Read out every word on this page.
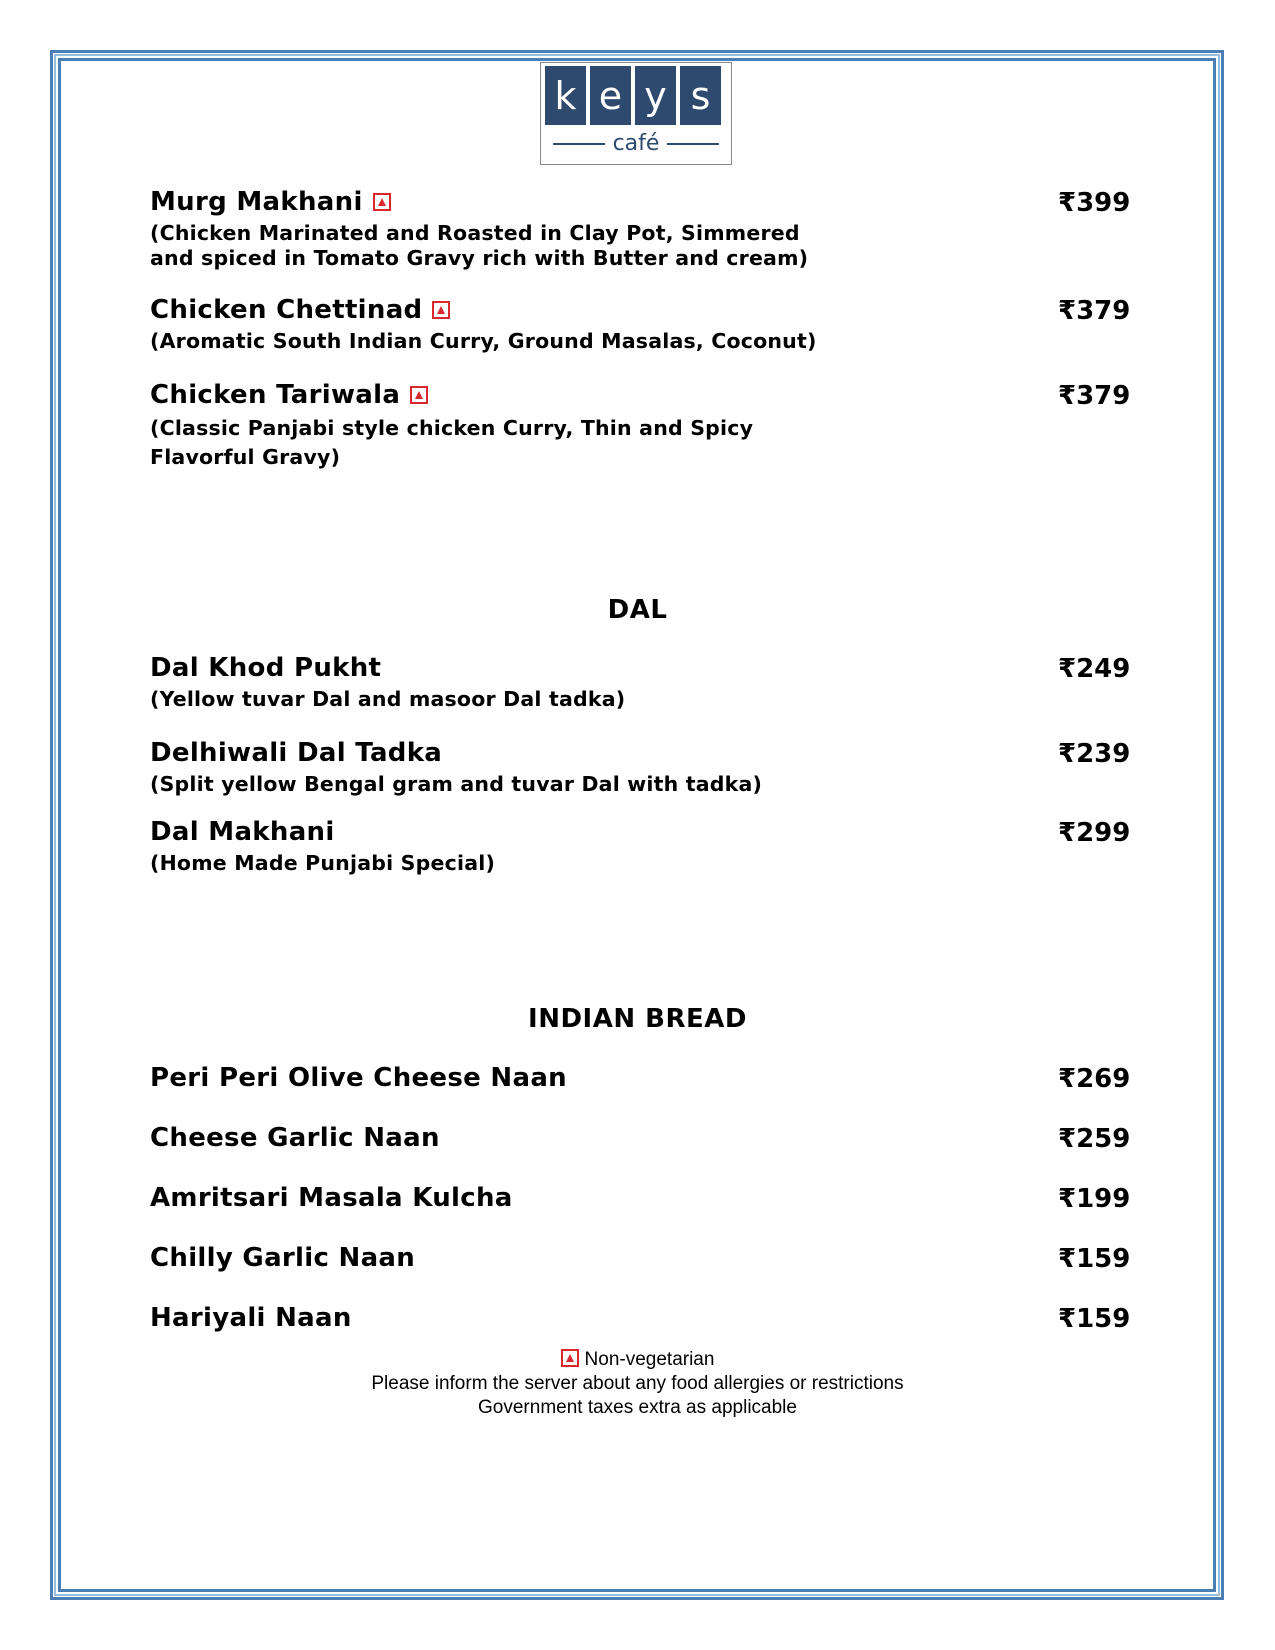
k e y s
café
Murg Makhani
(Chicken Marinated and Roasted in Clay Pot, Simmered
and spiced in Tomato Gravy rich with Butter and cream)
₹399
Chicken Chettinad
(Aromatic South Indian Curry, Ground Masalas, Coconut)
₹379
Chicken Tariwala
(Classic Panjabi style chicken Curry, Thin and Spicy
Flavorful Gravy)
₹379
DAL
Dal Khod Pukht
(Yellow tuvar Dal and masoor Dal tadka)
₹249
Delhiwali Dal Tadka
(Split yellow Bengal gram and tuvar Dal with tadka)
₹239
Dal Makhani
(Home Made Punjabi Special)
₹299
INDIAN BREAD
Peri Peri Olive Cheese Naan	₹269
Cheese Garlic Naan	₹259
Amritsari Masala Kulcha	₹199
Chilly Garlic Naan	₹159
Hariyali Naan	₹159
Non-vegetarian
Please inform the server about any food allergies or restrictions
Government taxes extra as applicable
